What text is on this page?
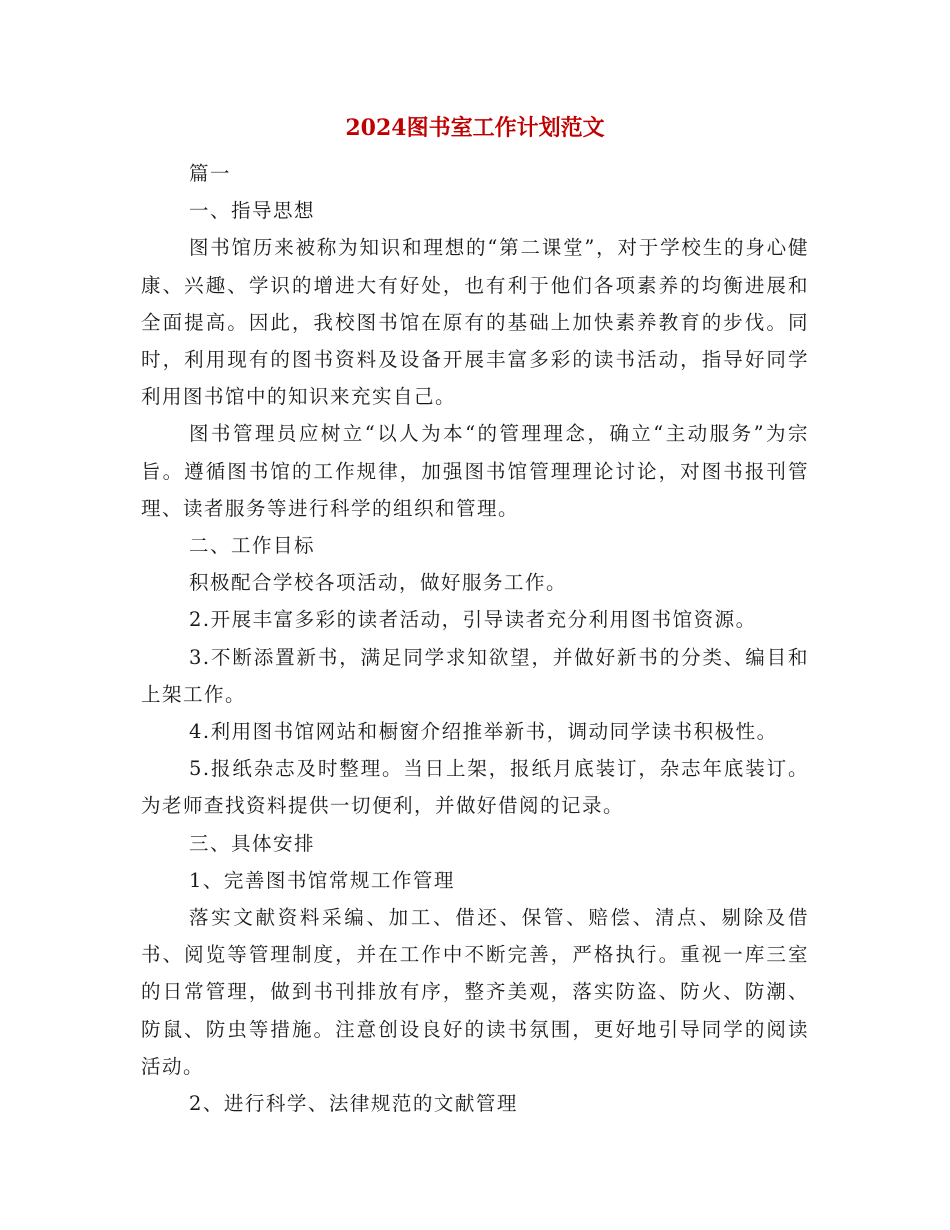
2024图书室工作计划范文

篇一

一、指导思想

图书馆历来被称为知识和理想的“第二课堂”，对于学校生的身心健康、兴趣、学识的增进大有好处，也有利于他们各项素养的均衡进展和全面提高。因此，我校图书馆在原有的基础上加快素养教育的步伐。同时，利用现有的图书资料及设备开展丰富多彩的读书活动，指导好同学利用图书馆中的知识来充实自己。

图书管理员应树立“以人为本“的管理理念，确立“主动服务”为宗旨。遵循图书馆的工作规律，加强图书馆管理理论讨论，对图书报刊管理、读者服务等进行科学的组织和管理。

二、工作目标

积极配合学校各项活动，做好服务工作。

2.开展丰富多彩的读者活动，引导读者充分利用图书馆资源。

3.不断添置新书，满足同学求知欲望，并做好新书的分类、编目和上架工作。

4.利用图书馆网站和橱窗介绍推举新书，调动同学读书积极性。

5.报纸杂志及时整理。当日上架，报纸月底装订，杂志年底装订。为老师查找资料提供一切便利，并做好借阅的记录。

三、具体安排

1、完善图书馆常规工作管理

落实文献资料采编、加工、借还、保管、赔偿、清点、剔除及借书、阅览等管理制度，并在工作中不断完善，严格执行。重视一库三室的日常管理，做到书刊排放有序，整齐美观，落实防盗、防火、防潮、防鼠、防虫等措施。注意创设良好的读书氛围，更好地引导同学的阅读活动。

2、进行科学、法律规范的文献管理
